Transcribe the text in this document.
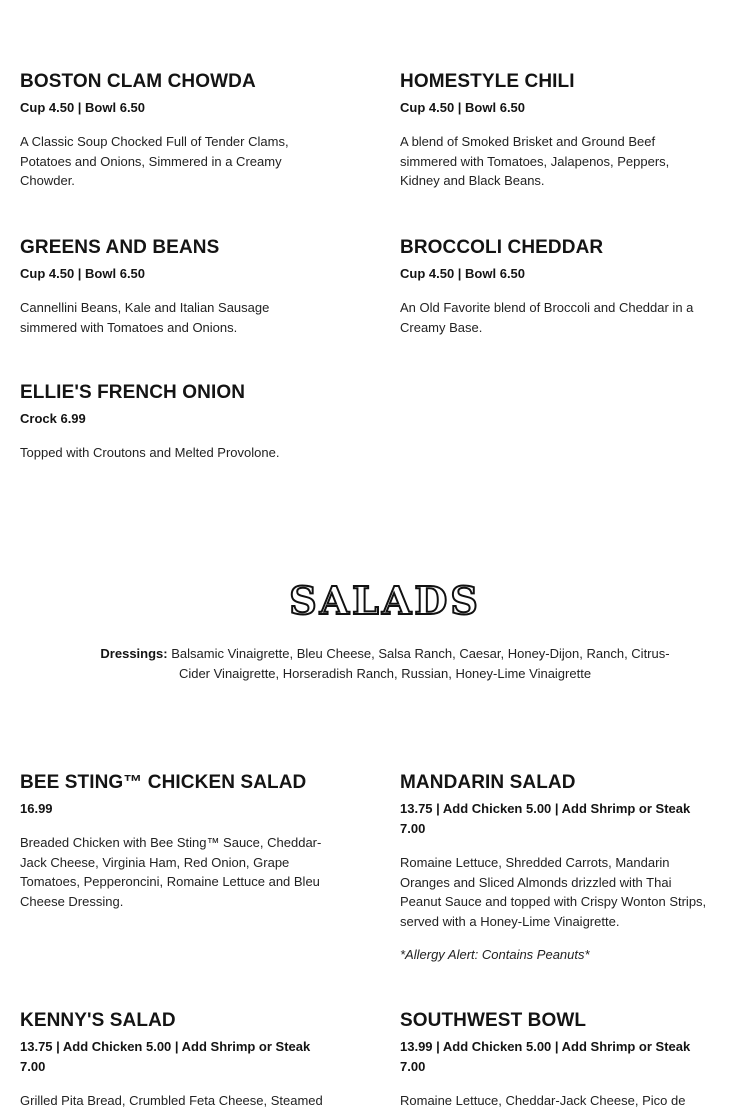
BOSTON CLAM CHOWDA
Cup 4.50 | Bowl 6.50
A Classic Soup Chocked Full of Tender Clams, Potatoes and Onions, Simmered in a Creamy Chowder.
HOMESTYLE CHILI
Cup 4.50 | Bowl 6.50
A blend of Smoked Brisket and Ground Beef simmered with Tomatoes, Jalapenos, Peppers, Kidney and Black Beans.
GREENS AND BEANS
Cup 4.50 | Bowl 6.50
Cannellini Beans, Kale and Italian Sausage simmered with Tomatoes and Onions.
BROCCOLI CHEDDAR
Cup 4.50 | Bowl 6.50
An Old Favorite blend of Broccoli and Cheddar in a Creamy Base.
ELLIE'S FRENCH ONION
Crock 6.99
Topped with Croutons and Melted Provolone.
BEE STING™ CHICKEN SALAD
16.99
Breaded Chicken with Bee Sting™ Sauce, Cheddar-Jack Cheese, Virginia Ham, Red Onion, Grape Tomatoes, Pepperoncini, Romaine Lettuce and Bleu Cheese Dressing.
MANDARIN SALAD
13.75 | Add Chicken 5.00 | Add Shrimp or Steak 7.00
Romaine Lettuce, Shredded Carrots, Mandarin Oranges and Sliced Almonds drizzled with Thai Peanut Sauce and topped with Crispy Wonton Strips, served with a Honey-Lime Vinaigrette.
*Allergy Alert: Contains Peanuts*
KENNY'S SALAD
13.75 | Add Chicken 5.00 | Add Shrimp or Steak 7.00
Grilled Pita Bread, Crumbled Feta Cheese, Steamed
SOUTHWEST BOWL
13.99 | Add Chicken 5.00 | Add Shrimp or Steak 7.00
Romaine Lettuce, Cheddar-Jack Cheese, Pico de
SALADS
Dressings: Balsamic Vinaigrette, Bleu Cheese, Salsa Ranch, Caesar, Honey-Dijon, Ranch, Citrus-Cider Vinaigrette, Horseradish Ranch, Russian, Honey-Lime Vinaigrette
